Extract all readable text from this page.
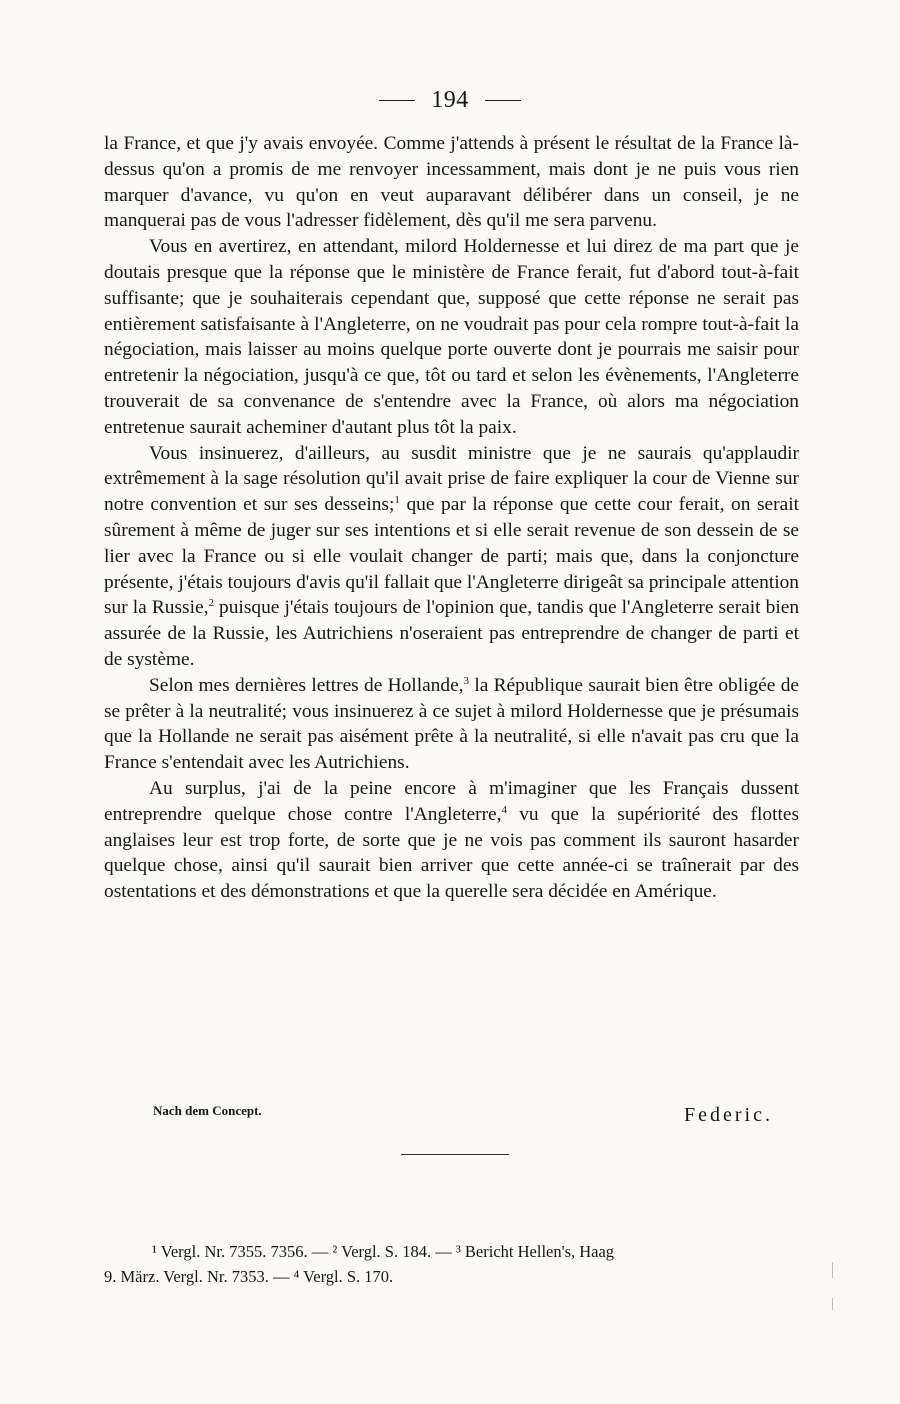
194

la France, et que j'y avais envoyée. Comme j'attends à présent le résultat de la France là-dessus qu'on a promis de me renvoyer incessamment, mais dont je ne puis vous rien marquer d'avance, vu qu'on en veut auparavant délibérer dans un conseil, je ne manquerai pas de vous l'adresser fidèlement, dès qu'il me sera parvenu.

Vous en avertirez, en attendant, milord Holdernesse et lui direz de ma part que je doutais presque que la réponse que le ministère de France ferait, fut d'abord tout-à-fait suffisante; que je souhaiterais cependant que, supposé que cette réponse ne serait pas entièrement satisfaisante à l'Angleterre, on ne voudrait pas pour cela rompre tout-à-fait la négociation, mais laisser au moins quelque porte ouverte dont je pourrais me saisir pour entretenir la négociation, jusqu'à ce que, tôt ou tard et selon les évènements, l'Angleterre trouverait de sa convenance de s'entendre avec la France, où alors ma négociation entretenue saurait acheminer d'autant plus tôt la paix.

Vous insinuerez, d'ailleurs, au susdit ministre que je ne saurais qu'applaudir extrêmement à la sage résolution qu'il avait prise de faire expliquer la cour de Vienne sur notre convention et sur ses desseins;$^1$ que par la réponse que cette cour ferait, on serait sûrement à même de juger sur ses intentions et si elle serait revenue de son dessein de se lier avec la France ou si elle voulait changer de parti; mais que, dans la conjoncture présente, j'étais toujours d'avis qu'il fallait que l'Angleterre dirigeât sa principale attention sur la Russie,$^2$ puisque j'étais toujours de l'opinion que, tandis que l'Angleterre serait bien assurée de la Russie, les Autrichiens n'oseraient pas entreprendre de changer de parti et de système.

Selon mes dernières lettres de Hollande,$^3$ la République saurait bien être obligée de se prêter à la neutralité; vous insinuerez à ce sujet à milord Holdernesse que je présumais que la Hollande ne serait pas aisément prête à la neutralité, si elle n'avait pas cru que la France s'entendait avec les Autrichiens.

Au surplus, j'ai de la peine encore à m'imaginer que les Français dussent entreprendre quelque chose contre l'Angleterre,$^4$ vu que la supériorité des flottes anglaises leur est trop forte, de sorte que je ne vois pas comment ils sauront hasarder quelque chose, ainsi qu'il saurait bien arriver que cette année-ci se traînerait par des ostentations et des démonstrations et que la querelle sera décidée en Amérique.

Nach dem Concept.	Federic.
¹ Vergl. Nr. 7355. 7356. — ² Vergl. S. 184. — ³ Bericht Hellen's, Haag
9. März. Vergl. Nr. 7353. — ⁴ Vergl. S. 170.
